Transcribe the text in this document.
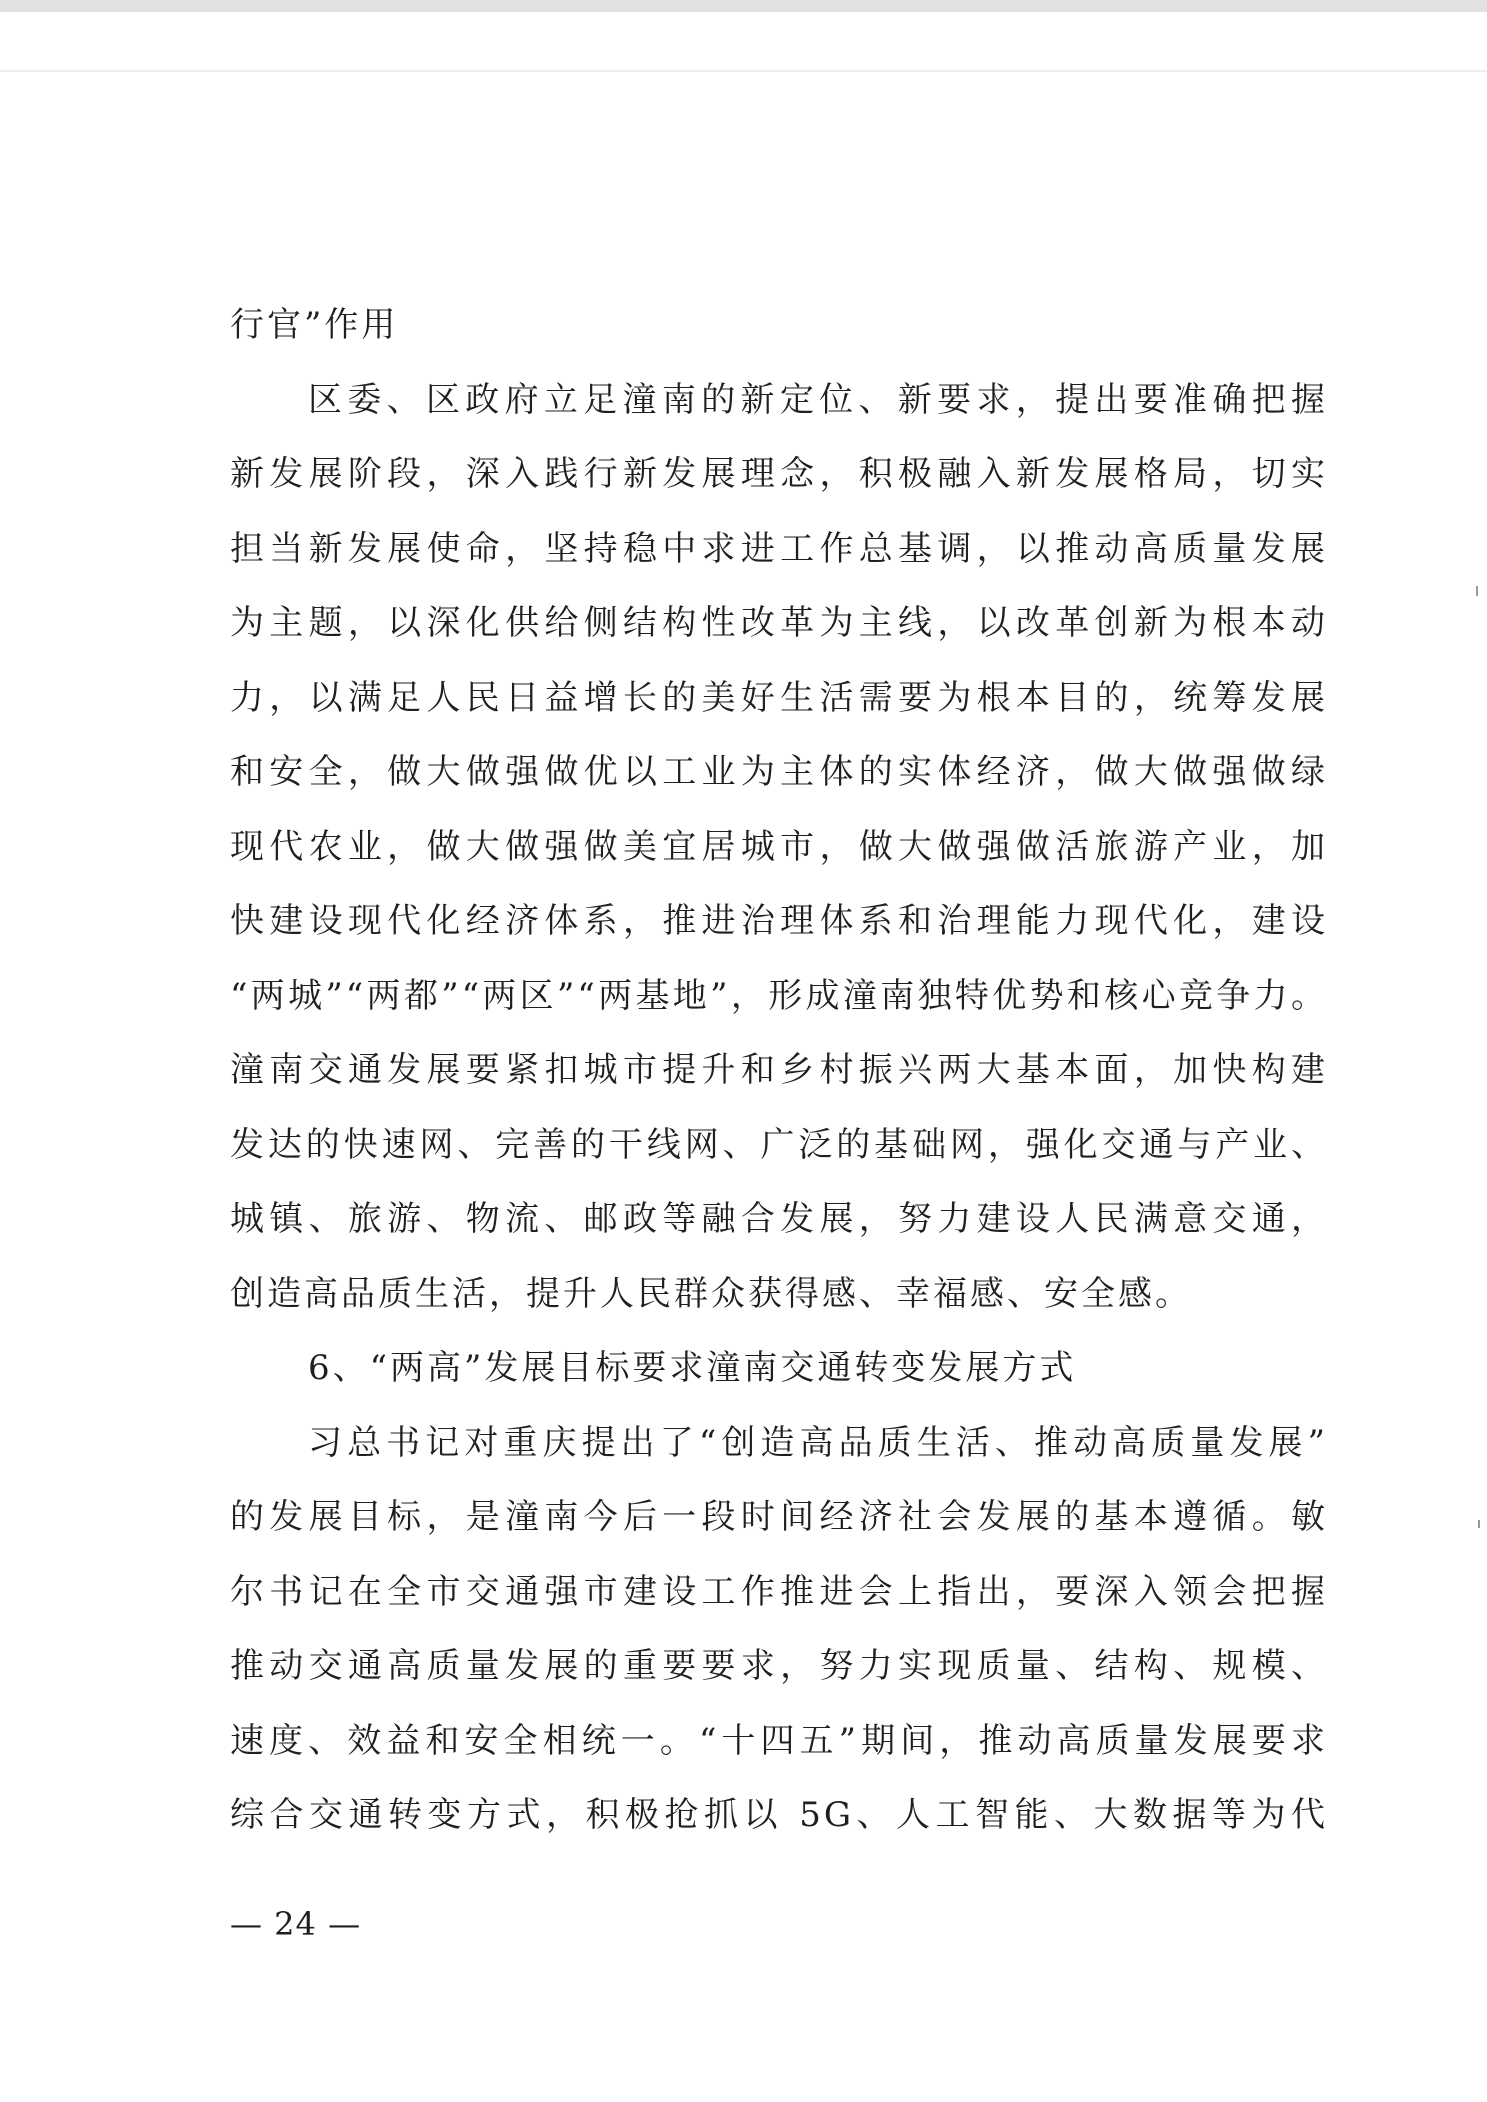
行官”作用
区委、区政府立足潼南的新定位、新要求，提出要准确把握
新发展阶段，深入践行新发展理念，积极融入新发展格局，切实
担当新发展使命，坚持稳中求进工作总基调，以推动高质量发展
为主题，以深化供给侧结构性改革为主线，以改革创新为根本动
力，以满足人民日益增长的美好生活需要为根本目的，统筹发展
和安全，做大做强做优以工业为主体的实体经济，做大做强做绿
现代农业，做大做强做美宜居城市，做大做强做活旅游产业，加
快建设现代化经济体系，推进治理体系和治理能力现代化，建设
“两城”“两都”“两区”“两基地”，形成潼南独特优势和核心竞争力。
潼南交通发展要紧扣城市提升和乡村振兴两大基本面，加快构建
发达的快速网、完善的干线网、广泛的基础网，强化交通与产业、
城镇、旅游、物流、邮政等融合发展，努力建设人民满意交通，
创造高品质生活，提升人民群众获得感、幸福感、安全感。
6、“两高”发展目标要求潼南交通转变发展方式
习总书记对重庆提出了“创造高品质生活、推动高质量发展”
的发展目标，是潼南今后一段时间经济社会发展的基本遵循。敏
尔书记在全市交通强市建设工作推进会上指出，要深入领会把握
推动交通高质量发展的重要要求，努力实现质量、结构、规模、
速度、效益和安全相统一。“十四五”期间，推动高质量发展要求
综合交通转变方式，积极抢抓以 5G、人工智能、大数据等为代
— 24 —
